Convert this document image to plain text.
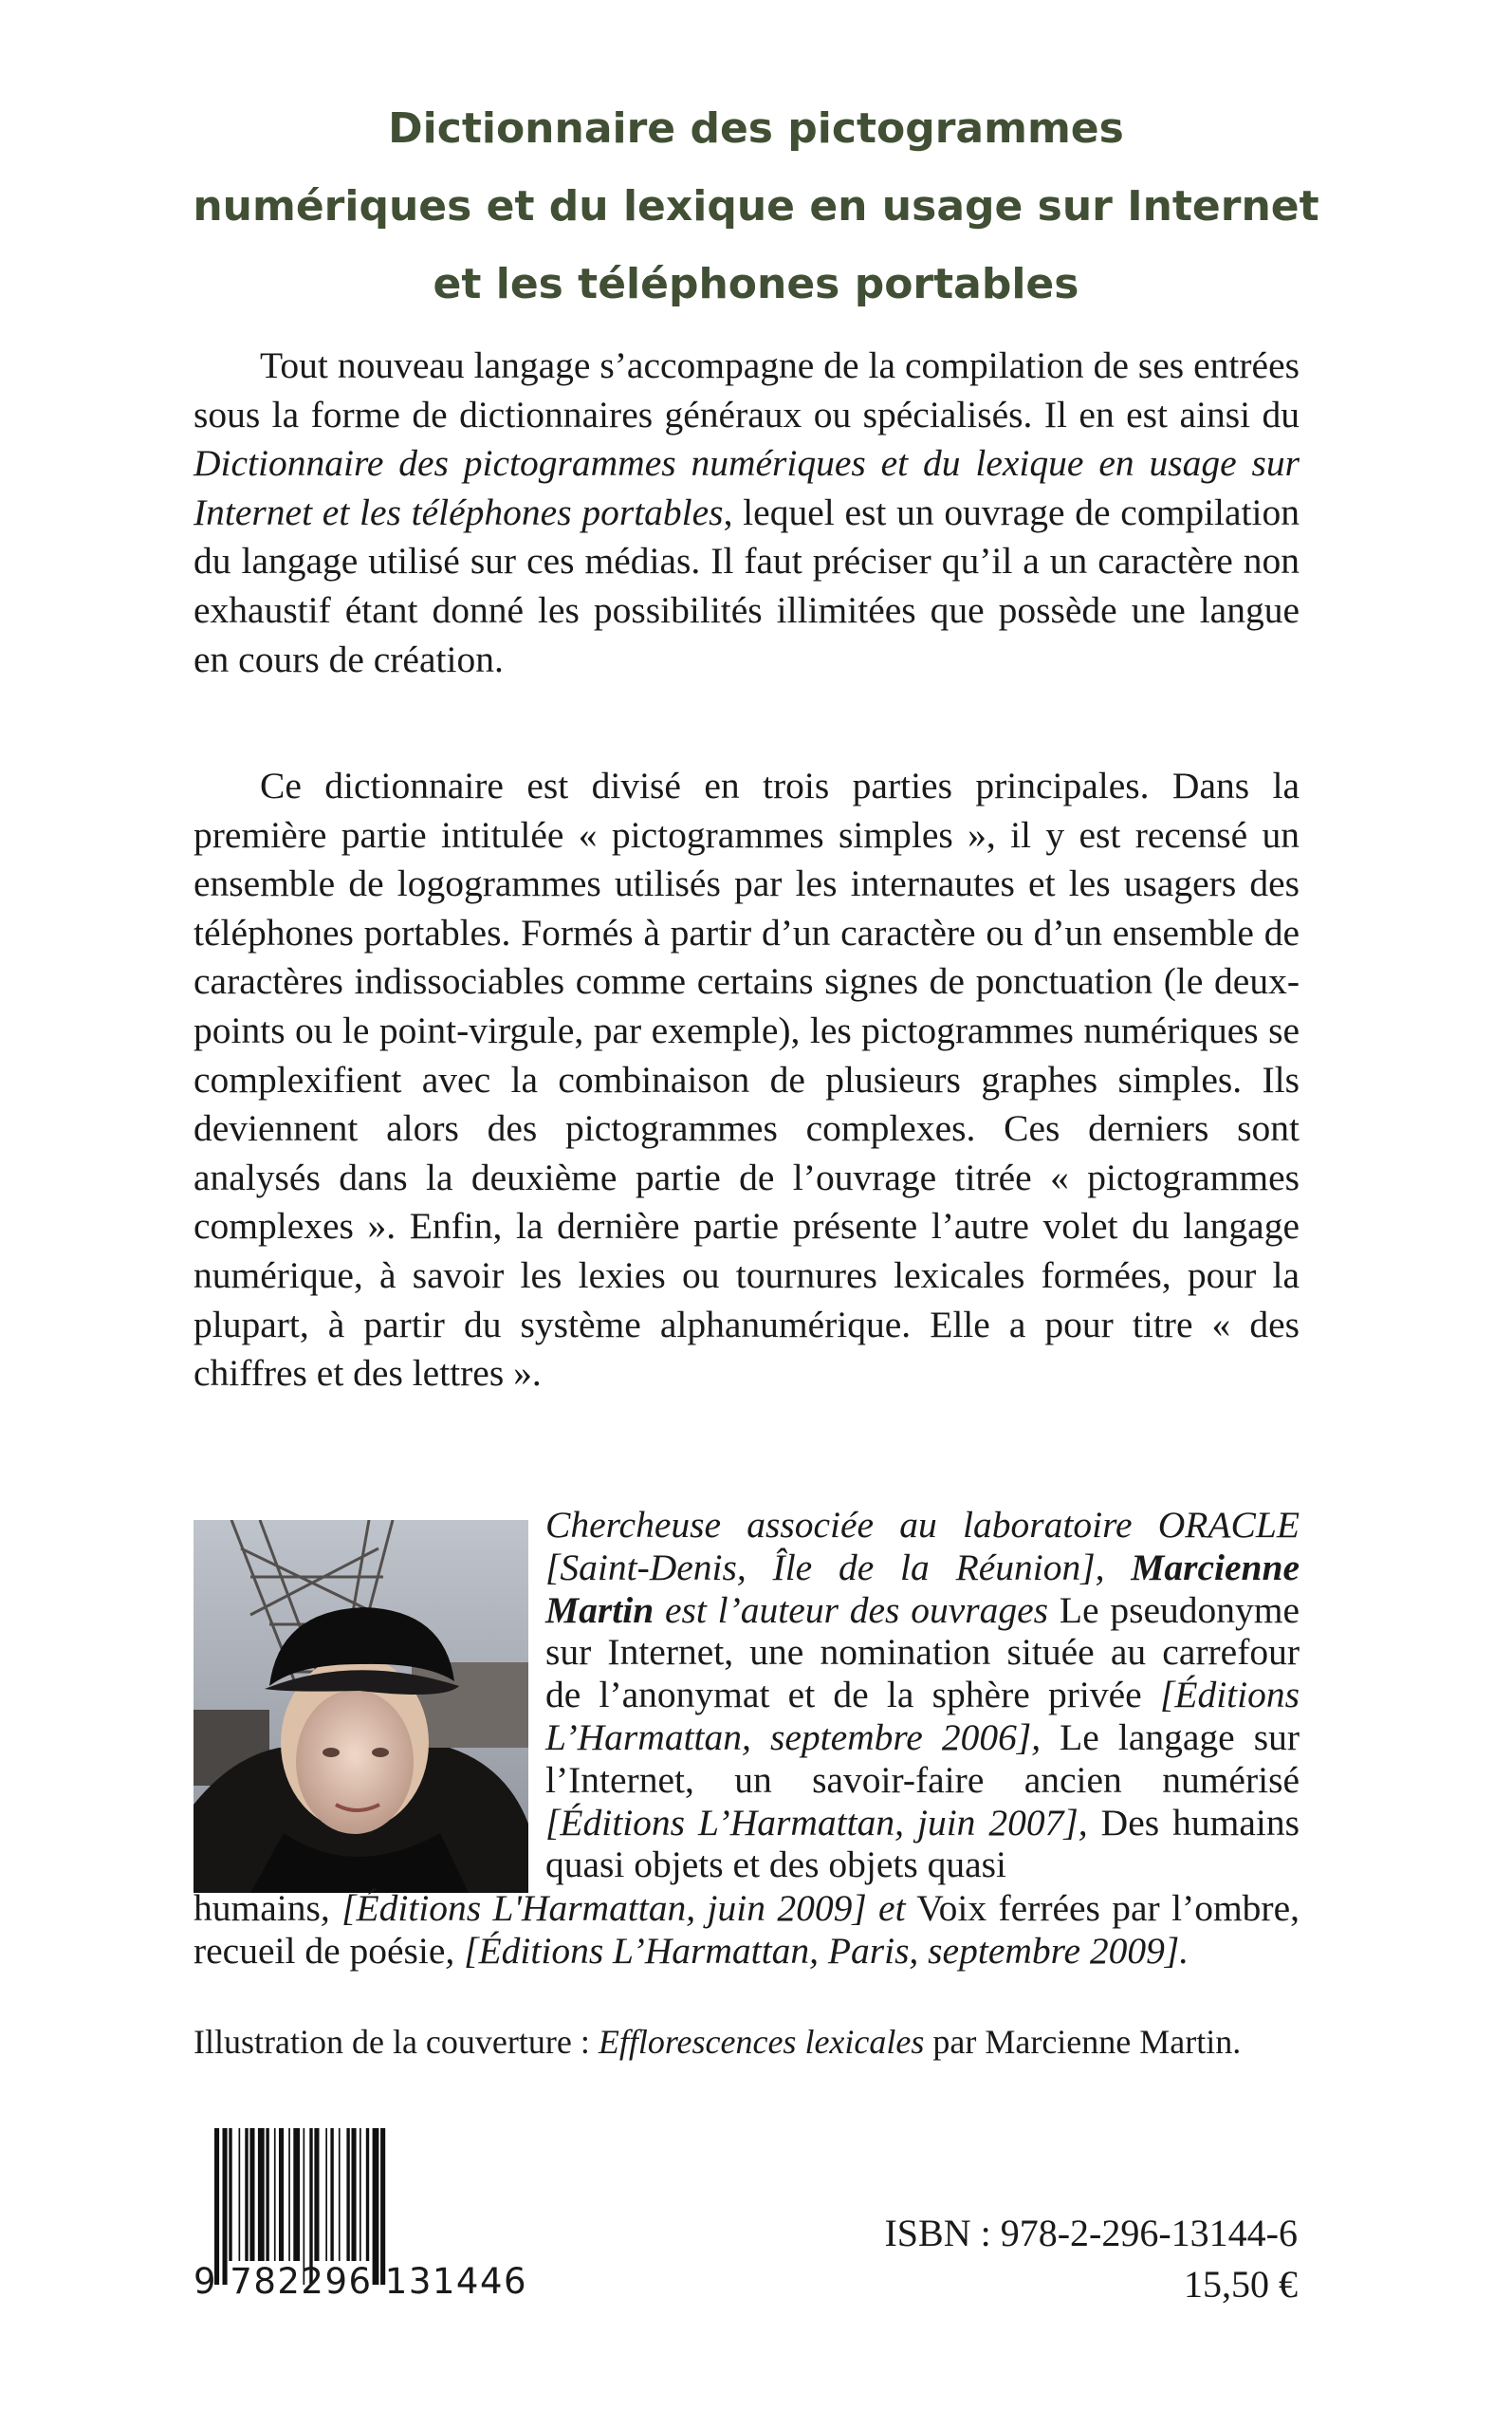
Dictionnaire des pictogrammes
numériques et du lexique en usage sur Internet
et les téléphones portables
Tout nouveau langage s’accompagne de la compilation de ses entrées sous la forme de dictionnaires généraux ou spécialisés. Il en est ainsi du Dictionnaire des pictogrammes numériques et du lexique en usage sur Internet et les téléphones portables, lequel est un ouvrage de compilation du langage utilisé sur ces médias. Il faut préciser qu’il a un caractère non exhaustif étant donné les possibilités illimitées que possède une langue en cours de création.
Ce dictionnaire est divisé en trois parties principales. Dans la première partie intitulée « pictogrammes simples », il y est recensé un ensemble de logogrammes utilisés par les internautes et les usagers des téléphones portables. Formés à partir d’un caractère ou d’un ensemble de caractères indissociables comme certains signes de ponctuation (le deux-points ou le point-virgule, par exemple), les pictogrammes numériques se complexifient avec la combinaison de plusieurs graphes simples. Ils deviennent alors des pictogrammes complexes. Ces derniers sont analysés dans la deuxième partie de l’ouvrage titrée « pictogrammes complexes ». Enfin, la dernière partie présente l’autre volet du langage numérique, à savoir les lexies ou tournures lexicales formées, pour la plupart, à partir du système alphanumérique. Elle a pour titre « des chiffres et des lettres ».
Chercheuse associée au laboratoire ORACLE [Saint-Denis, Île de la Réunion], Marcienne Martin est l’auteur des ouvrages Le pseudonyme sur Internet, une nomination située au carrefour de l’anonymat et de la sphère privée [Éditions L’Harmattan, septembre 2006], Le langage sur l’Internet, un savoir-faire ancien numérisé [Éditions L’Harmattan, juin 2007], Des humains quasi objets et des objets quasi
humains, [Éditions L'Harmattan, juin 2009] et Voix ferrées par l’ombre, recueil de poésie, [Éditions L’Harmattan, Paris, septembre 2009].
Illustration de la couverture : Efflorescences lexicales par Marcienne Martin.
9 782296 131446
ISBN : 978-2-296-13144-6
15,50 €
